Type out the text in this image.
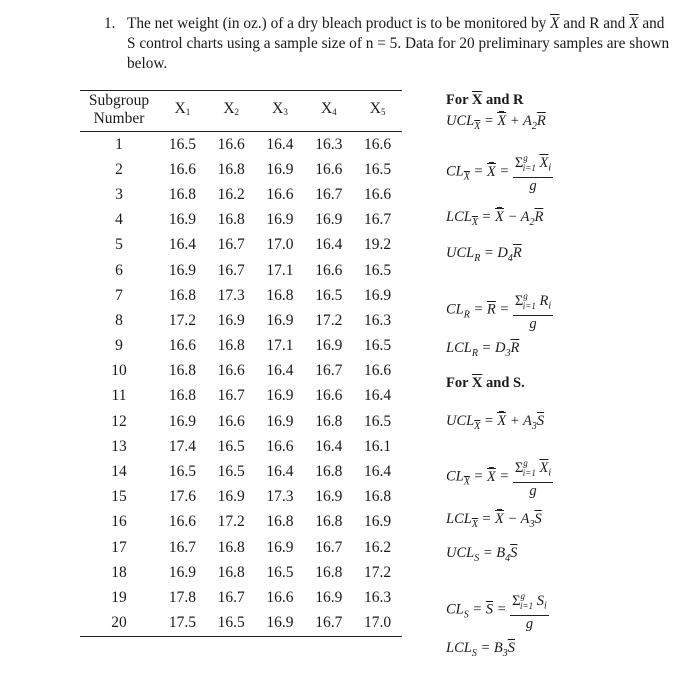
1. The net weight (in oz.) of a dry bleach product is to be monitored by $\overline{X}$ and R and $\overline{X}$ and S control charts using a sample size of n = 5. Data for 20 preliminary samples are shown below.
Subgroup
Number	$X_1$	$X_2$	$X_3$	$X_4$	$X_5$
1	16.5	16.6	16.4	16.3	16.6
2	16.6	16.8	16.9	16.6	16.5
3	16.8	16.2	16.6	16.7	16.6
4	16.9	16.8	16.9	16.9	16.7
5	16.4	16.7	17.0	16.4	19.2
6	16.9	16.7	17.1	16.6	16.5
7	16.8	17.3	16.8	16.5	16.9
8	17.2	16.9	16.9	17.2	16.3
9	16.6	16.8	17.1	16.9	16.5
10	16.8	16.6	16.4	16.7	16.6
11	16.8	16.7	16.9	16.6	16.4
12	16.9	16.6	16.9	16.8	16.5
13	17.4	16.5	16.6	16.4	16.1
14	16.5	16.5	16.4	16.8	16.4
15	17.6	16.9	17.3	16.9	16.8
16	16.6	17.2	16.8	16.8	16.9
17	16.7	16.8	16.9	16.7	16.2
18	16.9	16.8	16.5	16.8	17.2
19	17.8	16.7	16.6	16.9	16.3
20	17.5	16.5	16.9	16.7	17.0
For $\overline{X}$ and R
$UCL_{\overline{X}} = X + A_2\overline{R}$
$CL_{\overline{X}} = X = \frac{\Sigma^g_{i=1} \overline{X}_i}{g}$
$LCL_{\overline{X}} = X - A_2\overline{R}$
$UCL_R = D_4\overline{R}$
$CL_R = \overline{R} = \frac{\Sigma^g_{i=1} R_i}{g}$
$LCL_R = D_3\overline{R}$
For $\overline{X}$ and S.
$UCL_{\overline{X}} = X + A_3\overline{S}$
$CL_{\overline{X}} = X = \frac{\Sigma^g_{i=1} \overline{X}_i}{g}$
$LCL_{\overline{X}} = X - A_3\overline{S}$
$UCL_S = B_4\overline{S}$
$CL_S = \overline{S} = \frac{\Sigma^g_{i=1} S_i}{g}$
$LCL_S = B_3\overline{S}$
